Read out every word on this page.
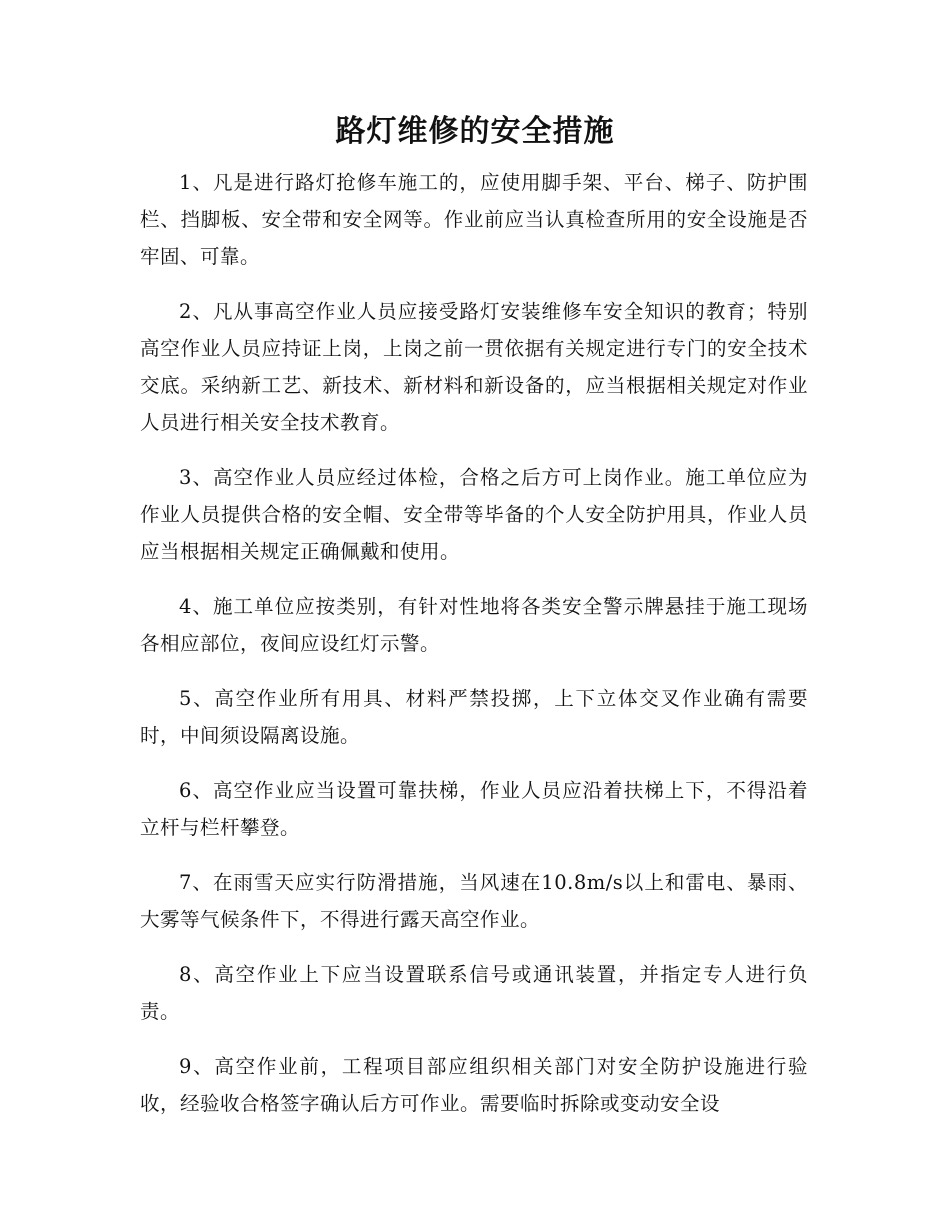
路灯维修的安全措施

1、凡是进行路灯抢修车施工的，应使用脚手架、平台、梯子、防护围栏、挡脚板、安全带和安全网等。作业前应当认真检查所用的安全设施是否牢固、可靠。

2、凡从事高空作业人员应接受路灯安装维修车安全知识的教育；特别高空作业人员应持证上岗，上岗之前一贯依据有关规定进行专门的安全技术交底。采纳新工艺、新技术、新材料和新设备的，应当根据相关规定对作业人员进行相关安全技术教育。

3、高空作业人员应经过体检，合格之后方可上岗作业。施工单位应为作业人员提供合格的安全帽、安全带等毕备的个人安全防护用具，作业人员应当根据相关规定正确佩戴和使用。

4、施工单位应按类别，有针对性地将各类安全警示牌悬挂于施工现场各相应部位，夜间应设红灯示警。

5、高空作业所有用具、材料严禁投掷，上下立体交叉作业确有需要时，中间须设隔离设施。

6、高空作业应当设置可靠扶梯，作业人员应沿着扶梯上下，不得沿着立杆与栏杆攀登。

7、在雨雪天应实行防滑措施，当风速在10.8m/s以上和雷电、暴雨、大雾等气候条件下，不得进行露天高空作业。

8、高空作业上下应当设置联系信号或通讯装置，并指定专人进行负责。

9、高空作业前，工程项目部应组织相关部门对安全防护设施进行验收，经验收合格签字确认后方可作业。需要临时拆除或变动安全设
